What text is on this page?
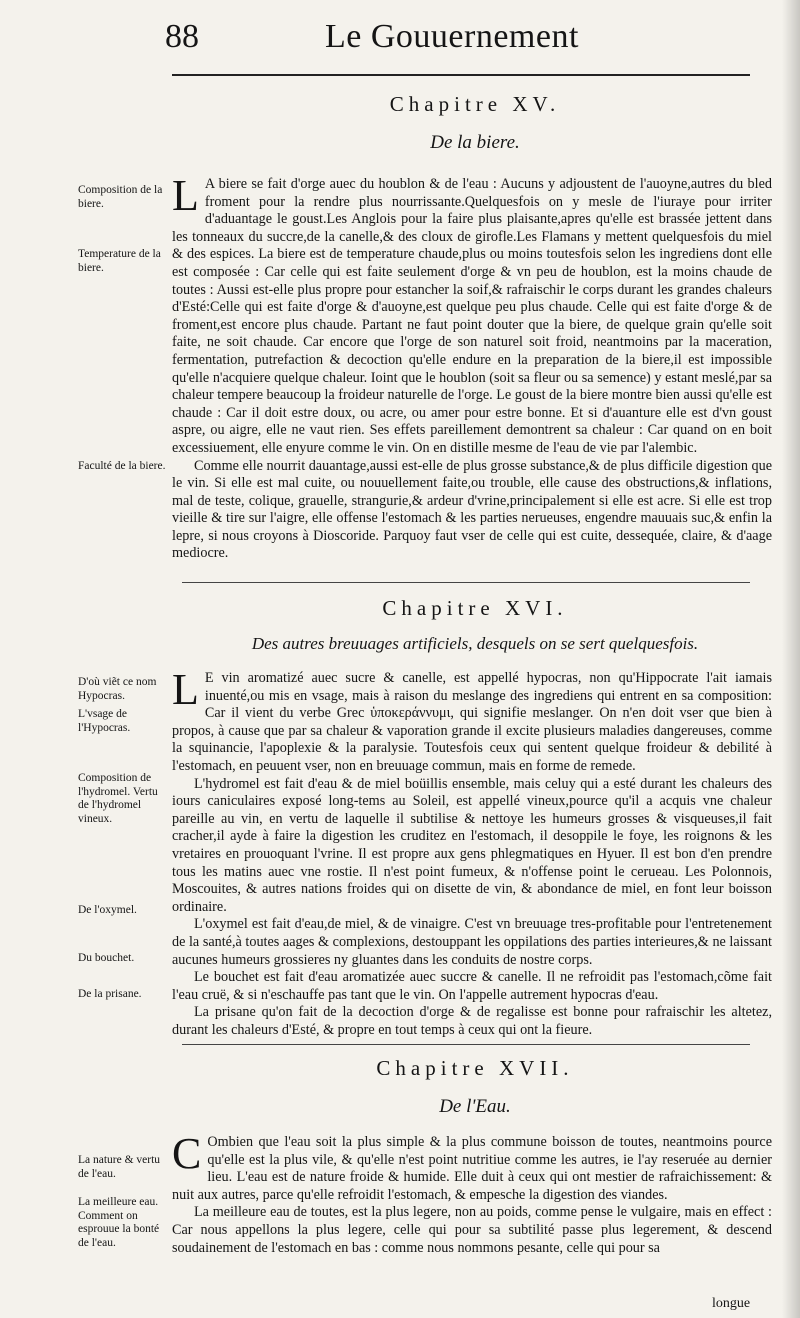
88	Le Gouuernement
Chapitre XV.
De la biere.
Composition de la biere.
Temperature de la biere.
Faculté de la biere.

L A biere se fait d'orge auec du houblon & de l'eau : Aucuns y adjoustent de l'auoyne,autres du bled froment pour la rendre plus nourrissante.Quelquesfois on y mesle de l'iuraye pour irriter d'aduantage le goust.Les Anglois pour la faire plus plaisante,apres qu'elle est brassée jettent dans les tonneaux du succre,de la canelle,& des cloux de girofle.Les Flamans y mettent quelquesfois du miel & des espices. La biere est de temperature chaude,plus ou moins toutesfois selon les ingrediens dont elle est composée : Car celle qui est faite seulement d'orge & vn peu de houblon, est la moins chaude de toutes : Aussi est-elle plus propre pour estancher la soif,& rafraischir le corps durant les grandes chaleurs d'Esté:Celle qui est faite d'orge & d'auoyne,est quelque peu plus chaude. Celle qui est faite d'orge & de froment,est encore plus chaude. Partant ne faut point douter que la biere, de quelque grain qu'elle soit faite, ne soit chaude. Car encore que l'orge de son naturel soit froid, neantmoins par la maceration, fermentation, putrefaction & decoction qu'elle endure en la preparation de la biere,il est impossible qu'elle n'acquiere quelque chaleur. Ioint que le houblon (soit sa fleur ou sa semence) y estant meslé,par sa chaleur tempere beaucoup la froideur naturelle de l'orge. Le goust de la biere montre bien aussi qu'elle est chaude : Car il doit estre doux, ou acre, ou amer pour estre bonne. Et si d'auanture elle est d'vn goust aspre, ou aigre, elle ne vaut rien. Ses effets pareillement demontrent sa chaleur : Car quand on en boit excessiuement, elle enyure comme le vin. On en distille mesme de l'eau de vie par l'alembic.

Comme elle nourrit dauantage,aussi est-elle de plus grosse substance,& de plus difficile digestion que le vin. Si elle est mal cuite, ou nouuellement faite,ou trouble, elle cause des obstructions,& inflations, mal de teste, colique, grauelle, strangurie,& ardeur d'vrine,principalement si elle est acre. Si elle est trop vieille & tire sur l'aigre, elle offense l'estomach & les parties nerueuses, engendre mauuais suc,& enfin la lepre, si nous croyons à Dioscoride. Parquoy faut vser de celle qui est cuite, dessequée, claire, & d'aage mediocre.

Chapitre XVI.
Des autres breuuages artificiels, desquels on se sert quelquesfois.
D'où viẽt ce nom Hypocras.
L'vsage de l'Hypocras.
Composition de l'hydromel. Vertu de l'hydromel vineux.
De l'oxymel.
Du bouchet.
De la prisane.

L E vin aromatizé auec sucre & canelle, est appellé hypocras, non qu'Hippocrate l'ait iamais inuenté,ou mis en vsage, mais à raison du meslange des ingrediens qui entrent en sa composition: Car il vient du verbe Grec ὑποκεράννυμι, qui signifie meslanger. On n'en doit vser que bien à propos, à cause que par sa chaleur & vaporation grande il excite plusieurs maladies dangereuses, comme la squinancie, l'apoplexie & la paralysie. Toutesfois ceux qui sentent quelque froideur & debilité à l'estomach, en peuuent vser, non en breuuage commun, mais en forme de remede.

L'hydromel est fait d'eau & de miel boüillis ensemble, mais celuy qui a esté durant les chaleurs des iours caniculaires exposé long-tems au Soleil, est appellé vineux,pource qu'il a acquis vne chaleur pareille au vin, en vertu de laquelle il subtilise & nettoye les humeurs grosses & visqueuses,il fait cracher,il ayde à faire la digestion les cruditez en l'estomach, il desoppile le foye, les roignons & les vretaires en prouoquant l'vrine. Il est propre aux gens phlegmatiques en Hyuer. Il est bon d'en prendre tous les matins auec vne rostie. Il n'est point fumeux, & n'offense point le cerueau. Les Polonnois, Moscouites, & autres nations froides qui on disette de vin, & abondance de miel, en font leur boisson ordinaire.

L'oxymel est fait d'eau,de miel, & de vinaigre. C'est vn breuuage tres-profitable pour l'entretenement de la santé,à toutes aages & complexions, destouppant les oppilations des parties interieures,& ne laissant aucunes humeurs grossieres ny gluantes dans les conduits de nostre corps.

Le bouchet est fait d'eau aromatizée auec succre & canelle. Il ne refroidit pas l'estomach,cõme fait l'eau cruë, & si n'eschauffe pas tant que le vin. On l'appelle autrement hypocras d'eau.

La prisane qu'on fait de la decoction d'orge & de regalisse est bonne pour rafraischir les altetez, durant les chaleurs d'Esté, & propre en tout temps à ceux qui ont la fieure.

Chapitre XVII.
De l'Eau.
La nature & vertu de l'eau.
La meilleure eau. Comment on esprouue la bonté de l'eau.

C Ombien que l'eau soit la plus simple & la plus commune boisson de toutes, neantmoins pource qu'elle est la plus vile, & qu'elle n'est point nutritiue comme les autres, ie l'ay reseruée au dernier lieu. L'eau est de nature froide & humide. Elle duit à ceux qui ont mestier de rafraichissement: & nuit aux autres, parce qu'elle refroidit l'estomach, & empesche la digestion des viandes.

La meilleure eau de toutes, est la plus legere, non au poids, comme pense le vulgaire, mais en effect : Car nous appellons la plus legere, celle qui pour sa subtilité passe plus legerement, & descend soudainement de l'estomach en bas : comme nous nommons pesante, celle qui pour sa

longue
